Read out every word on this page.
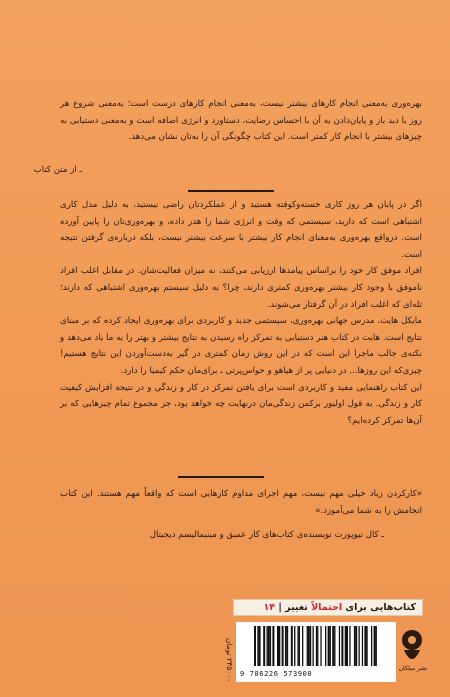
بهره‌وری به‌معنی انجام کارهای بیشتر نیست، به‌معنی انجام کارهای درست است؛ به‌معنی شروع هر روز با دید باز و پایان‌دادن به آن با احساس رضایت، دستاورد و انرژی اضافه است و به‌معنی دستیابی به چیزهای بیشتر با انجام کار کمتر است. این کتاب چگونگی آن را به‌تان نشان می‌دهد.
ـ از متن کتاب

اگر در پایان هر روز کاری خسته‌وکوفته هستید و از عملکردتان راضی نیستید، به دلیل مدل کاری اشتباهی است که دارید، سیستمی که وقت و انرژی شما را هدر داده، و بهره‌وری‌تان را پایین آورده است. درواقع بهره‌وری به‌معنای انجام کار بیشتر با سرعت بیشتر نیست، بلکه درباره‌ی گرفتن نتیجه است.

افراد موفق کار خود را براساس پیامدها ارزیابی می‌کنند، نه میزان فعالیت‌شان. در مقابل اغلب افراد ناموفق با وجود کار بیشتر بهره‌وری کمتری دارند، چرا؟ به دلیل سیستم بهره‌وری اشتباهی که دارند؛ تله‌ای که اغلب افراد در آن گرفتار می‌شوند.

مایکل هایت، مدرس جهانی بهره‌وری، سیستمی جدید و کاربردی برای بهره‌وری ایجاد کرده که بر مبنای نتایج است. هایت در کتاب هنر دستیابی به تمرکز راه رسیدن به نتایج بیشتر و بهتر را به ما یاد می‌دهد و نکته‌ی جالب ماجرا این است که در این روش زمان کمتری در گیر به‌دست‌آوردن این نتایج هستیم! چیزی‌که این روزها... در دنیایی پر از هیاهو و حواس‌پرتی ـ برای‌مان حکم کیمیا را دارد.

این کتاب راهنمایی مفید و کاربردی است برای یافتن تمرکز در کار و زندگی و در نتیجه افزایش کیفیت کار و زندگی. به قول اولیور برکمن زندگی‌مان درنهایت چه خواهد بود، جز مجموع تمام چیزهایی که بر آن‌ها تمرکز کرده‌ایم؟

«کارکردن زیاد خیلی مهم نیست، مهم اجرای مداوم کارهایی است که واقعاً مهم هستند. این کتاب انجامش را به شما می‌آموزد.»
ـ کال نیوپورت نویسنده‌ی کتاب‌های کار عمیق و مینیمالیسم دیجیتال
کتاب‌هایی برای احتمالاً تغییر | ۱۴
۲۴۵۰۰۰ تومان 9 786226 573900
نشر میلکان
